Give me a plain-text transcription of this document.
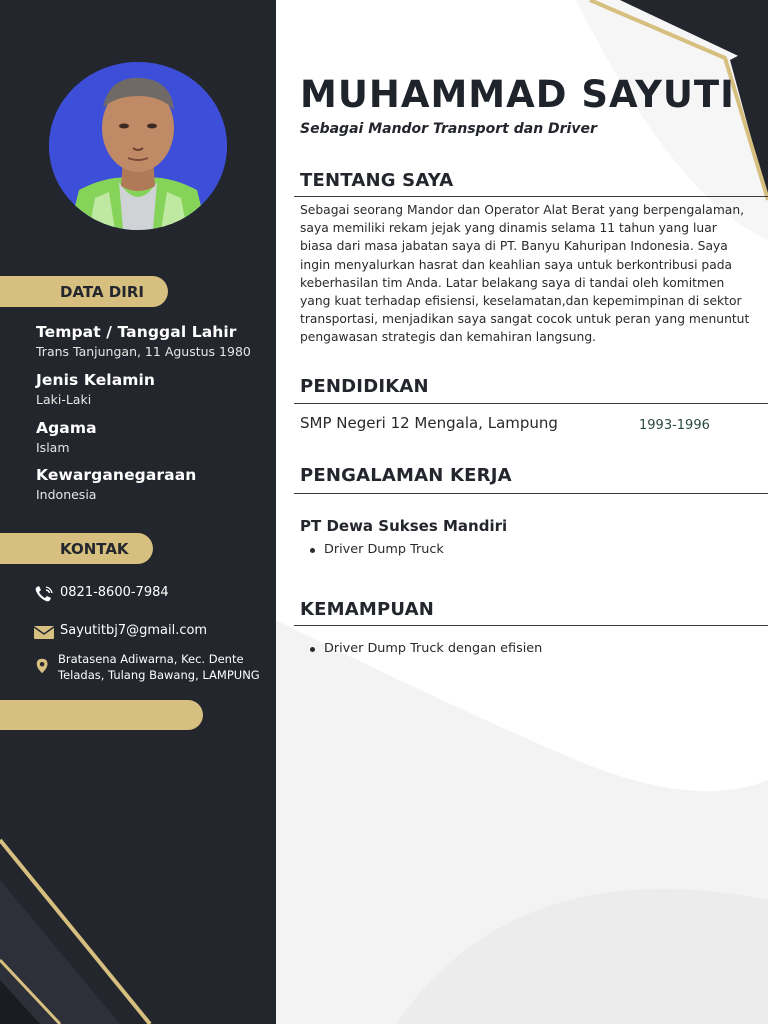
DATA DIRI
Tempat / Tanggal Lahir
Trans Tanjungan, 11 Agustus 1980
Jenis Kelamin
Laki-Laki
Agama
Islam
Kewarganegaraan
Indonesia
KONTAK
0821-8600-7984
Sayutitbj7@gmail.com
Bratasena Adiwarna, Kec. Dente
Teladas, Tulang Bawang, LAMPUNG
MUHAMMAD SAYUTI
Sebagai Mandor Transport dan Driver
TENTANG SAYA
Sebagai seorang Mandor dan Operator Alat Berat yang berpengalaman, saya memiliki rekam jejak yang dinamis selama 11 tahun yang luar biasa dari masa jabatan saya di PT. Banyu Kahuripan Indonesia. Saya ingin menyalurkan hasrat dan keahlian saya untuk berkontribusi pada keberhasilan tim Anda. Latar belakang saya di tandai oleh komitmen yang kuat terhadap efisiensi, keselamatan,dan kepemimpinan di sektor transportasi, menjadikan saya sangat cocok untuk peran yang menuntut pengawasan strategis dan kemahiran langsung.
PENDIDIKAN
SMP Negeri 12 Mengala, Lampung	1993-1996
PENGALAMAN KERJA
PT Dewa Sukses Mandiri
Driver Dump Truck
KEMAMPUAN
Driver Dump Truck dengan efisien
